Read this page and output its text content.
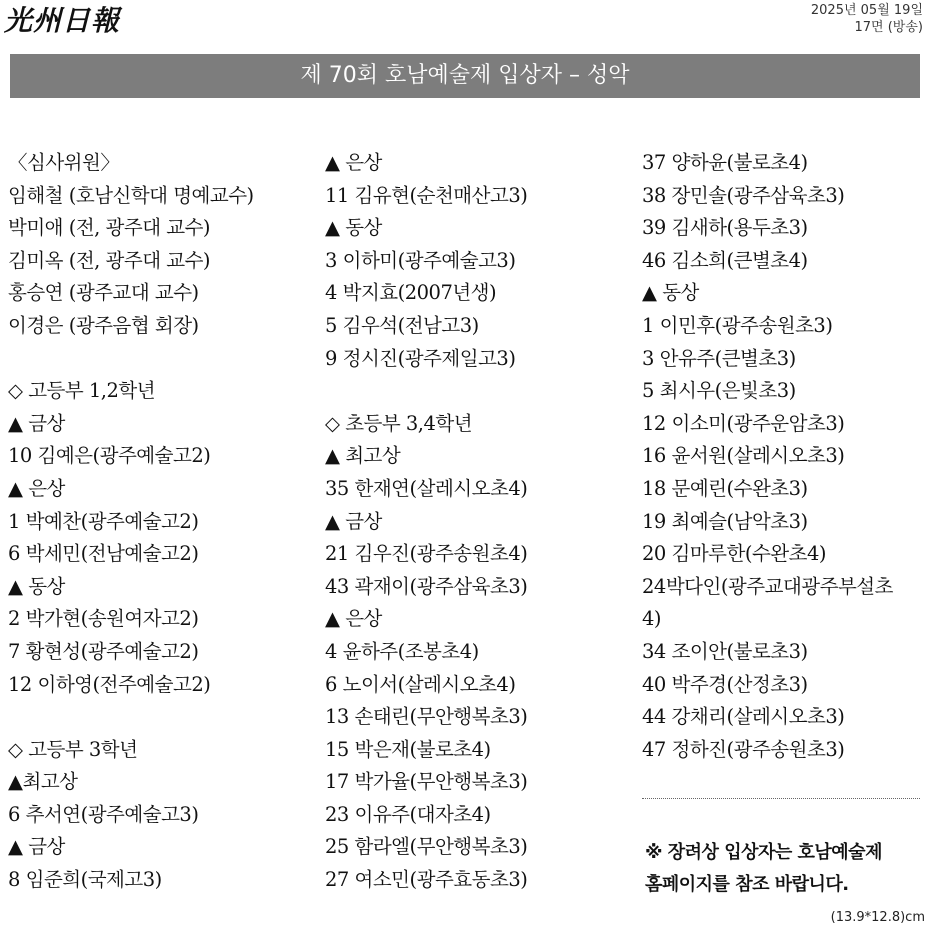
光州日報	2025년 05월 19일
17면 (방송)
제 70회 호남예술제 입상자 – 성악
〈심사위원〉
임해철 (호남신학대 명예교수)
박미애 (전, 광주대 교수)
김미옥 (전, 광주대 교수)
홍승연 (광주교대 교수)
이경은 (광주음협 회장)
◇ 고등부 1,2학년
▲ 금상
10 김예은(광주예술고2)
▲ 은상
1 박예찬(광주예술고2)
6 박세민(전남예술고2)
▲ 동상
2 박가현(송원여자고2)
7 황현성(광주예술고2)
12 이하영(전주예술고2)
◇ 고등부 3학년
▲최고상
6 추서연(광주예술고3)
▲ 금상
8 임준희(국제고3)
▲ 은상
11 김유현(순천매산고3)
▲ 동상
3 이하미(광주예술고3)
4 박지효(2007년생)
5 김우석(전남고3)
9 정시진(광주제일고3)
◇ 초등부 3,4학년
▲ 최고상
35 한재연(살레시오초4)
▲ 금상
21 김우진(광주송원초4)
43 곽재이(광주삼육초3)
▲ 은상
4 윤하주(조봉초4)
6 노이서(살레시오초4)
13 손태린(무안행복초3)
15 박은재(불로초4)
17 박가율(무안행복초3)
23 이유주(대자초4)
25 함라엘(무안행복초3)
27 여소민(광주효동초3)
37 양하윤(불로초4)
38 장민솔(광주삼육초3)
39 김새하(용두초3)
46 김소희(큰별초4)
▲ 동상
1 이민후(광주송원초3)
3 안유주(큰별초3)
5 최시우(은빛초3)
12 이소미(광주운암초3)
16 윤서원(살레시오초3)
18 문예린(수완초3)
19 최예슬(남악초3)
20 김마루한(수완초4)
24박다인(광주교대광주부설초
4)
34 조이안(불로초3)
40 박주경(산정초3)
44 강채리(살레시오초3)
47 정하진(광주송원초3)
※ 장려상 입상자는 호남예술제
홈페이지를 참조 바랍니다.
(13.9*12.8)cm
